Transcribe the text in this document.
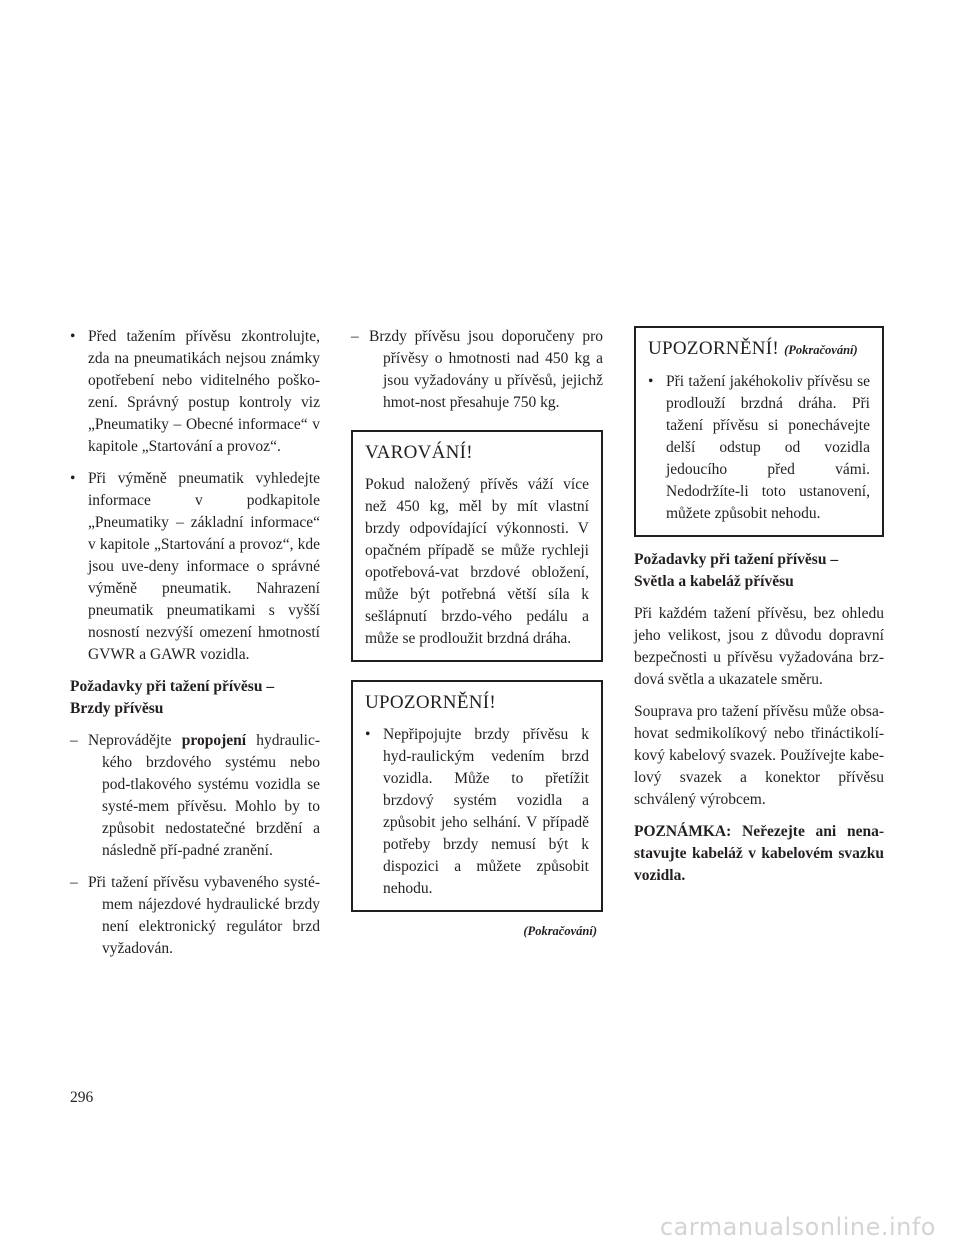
• Před tažením přívěsu zkontrolujte, zda na pneumatikách nejsou známky opotřebení nebo viditelného poško-zení. Správný postup kontroly viz „Pneumatiky – Obecné informace“ v kapitole „Startování a provoz“.
• Při výměně pneumatik vyhledejte informace v podkapitole „Pneumatiky – základní informace“ v kapitole „Startování a provoz“, kde jsou uve-deny informace o správné výměně pneumatik. Nahrazení pneumatik pneumatikami s vyšší nosností nezvýší omezení hmotností GVWR a GAWR vozidla.
Požadavky při tažení přívěsu –
Brzdy přívěsu
– Neprovádějte propojení hydraulic-kého brzdového systému nebo pod-tlakového systému vozidla se systé-mem přívěsu. Mohlo by to způsobit nedostatečné brzdění a následně pří-padné zranění.
– Při tažení přívěsu vybaveného systé-mem nájezdové hydraulické brzdy není elektronický regulátor brzd vyžadován.
– Brzdy přívěsu jsou doporučeny pro přívěsy o hmotnosti nad 450 kg a jsou vyžadovány u přívěsů, jejichž hmot-nost přesahuje 750 kg.
VAROVÁNÍ!

Pokud naložený přívěs váží více než 450 kg, měl by mít vlastní brzdy odpovídající výkonnosti. V opačném případě se může rychleji opotřebová-vat brzdové obložení, může být potřebná větší síla k sešlápnutí brzdo-vého pedálu a může se prodloužit brzdná dráha.

UPOZORNĚNÍ!
• Nepřipojujte brzdy přívěsu k hyd-raulickým vedením brzd vozidla. Může to přetížit brzdový systém vozidla a způsobit jeho selhání. V případě potřeby brzdy nemusí být k dispozici a můžete způsobit nehodu.
(Pokračování)
UPOZORNĚNÍ! (Pokračování)
• Při tažení jakéhokoliv přívěsu se prodlouží brzdná dráha. Při tažení přívěsu si ponechávejte delší odstup od vozidla jedoucího před vámi. Nedodržíte-li toto ustanovení, můžete způsobit nehodu.
Požadavky při tažení přívěsu –
Světla a kabeláž přívěsu

Při každém tažení přívěsu, bez ohledu jeho velikost, jsou z důvodu dopravní bezpečnosti u přívěsu vyžadována brz-dová světla a ukazatele směru.

Souprava pro tažení přívěsu může obsa-hovat sedmikolíkový nebo třináctikolí-kový kabelový svazek. Používejte kabe-lový svazek a konektor přívěsu schválený výrobcem.

POZNÁMKA: Neřezejte ani nena-stavujte kabeláž v kabelovém svazku vozidla.

296
carmanualsonline.info
